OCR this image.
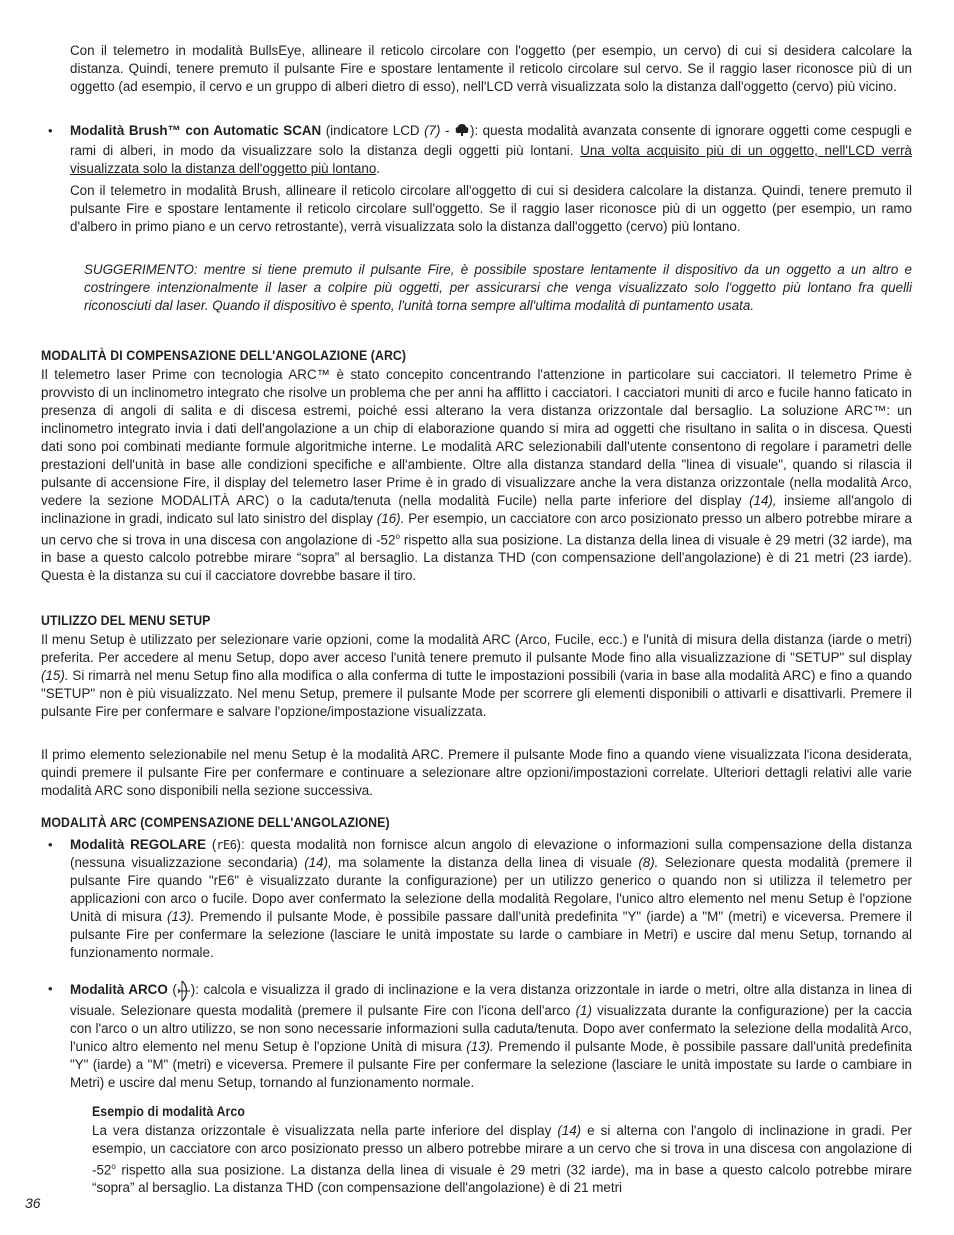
Con il telemetro in modalità BullsEye, allineare il reticolo circolare con l'oggetto (per esempio, un cervo) di cui si desidera calcolare la distanza. Quindi, tenere premuto il pulsante Fire e spostare lentamente il reticolo circolare sul cervo. Se il raggio laser riconosce più di un oggetto (ad esempio, il cervo e un gruppo di alberi dietro di esso), nell'LCD verrà visualizzata solo la distanza dall'oggetto (cervo) più vicino.

• Modalità Brush™ con Automatic SCAN (indicatore LCD (7) - ): questa modalità avanzata consente di ignorare oggetti come cespugli e rami di alberi, in modo da visualizzare solo la distanza degli oggetti più lontani. Una volta acquisito più di un oggetto, nell'LCD verrà visualizzata solo la distanza dell'oggetto più lontano.

Con il telemetro in modalità Brush, allineare il reticolo circolare all'oggetto di cui si desidera calcolare la distanza. Quindi, tenere premuto il pulsante Fire e spostare lentamente il reticolo circolare sull'oggetto. Se il raggio laser riconosce più di un oggetto (per esempio, un ramo d'albero in primo piano e un cervo retrostante), verrà visualizzata solo la distanza dall'oggetto (cervo) più lontano.

SUGGERIMENTO: mentre si tiene premuto il pulsante Fire, è possibile spostare lentamente il dispositivo da un oggetto a un altro e costringere intenzionalmente il laser a colpire più oggetti, per assicurarsi che venga visualizzato solo l'oggetto più lontano fra quelli riconosciuti dal laser. Quando il dispositivo è spento, l'unità torna sempre all'ultima modalità di puntamento usata.

MODALITÀ DI COMPENSAZIONE DELL'ANGOLAZIONE (ARC)

Il telemetro laser Prime con tecnologia ARC™ è stato concepito concentrando l'attenzione in particolare sui cacciatori. Il telemetro Prime è provvisto di un inclinometro integrato che risolve un problema che per anni ha afflitto i cacciatori. I cacciatori muniti di arco e fucile hanno faticato in presenza di angoli di salita e di discesa estremi, poiché essi alterano la vera distanza orizzontale dal bersaglio. La soluzione ARC™: un inclinometro integrato invia i dati dell'angolazione a un chip di elaborazione quando si mira ad oggetti che risultano in salita o in discesa. Questi dati sono poi combinati mediante formule algoritmiche interne. Le modalità ARC selezionabili dall'utente consentono di regolare i parametri delle prestazioni dell'unità in base alle condizioni specifiche e all'ambiente. Oltre alla distanza standard della "linea di visuale", quando si rilascia il pulsante di accensione Fire, il display del telemetro laser Prime è in grado di visualizzare anche la vera distanza orizzontale (nella modalità Arco, vedere la sezione MODALITÀ ARC) o la caduta/tenuta (nella modalità Fucile) nella parte inferiore del display (14), insieme all'angolo di inclinazione in gradi, indicato sul lato sinistro del display (16). Per esempio, un cacciatore con arco posizionato presso un albero potrebbe mirare a un cervo che si trova in una discesa con angolazione di -52$^o$ rispetto alla sua posizione. La distanza della linea di visuale è 29 metri (32 iarde), ma in base a questo calcolo potrebbe mirare “sopra” al bersaglio. La distanza THD (con compensazione dell'angolazione) è di 21 metri (23 iarde). Questa è la distanza su cui il cacciatore dovrebbe basare il tiro.

UTILIZZO DEL MENU SETUP

Il menu Setup è utilizzato per selezionare varie opzioni, come la modalità ARC (Arco, Fucile, ecc.) e l'unità di misura della distanza (iarde o metri) preferita. Per accedere al menu Setup, dopo aver acceso l'unità tenere premuto il pulsante Mode fino alla visualizzazione di "SETUP" sul display (15). Si rimarrà nel menu Setup fino alla modifica o alla conferma di tutte le impostazioni possibili (varia in base alla modalità ARC) e fino a quando "SETUP" non è più visualizzato. Nel menu Setup, premere il pulsante Mode per scorrere gli elementi disponibili o attivarli e disattivarli. Premere il pulsante Fire per confermare e salvare l'opzione/impostazione visualizzata.

Il primo elemento selezionabile nel menu Setup è la modalità ARC. Premere il pulsante Mode fino a quando viene visualizzata l'icona desiderata, quindi premere il pulsante Fire per confermare e continuare a selezionare altre opzioni/impostazioni correlate. Ulteriori dettagli relativi alle varie modalità ARC sono disponibili nella sezione successiva.

MODALITÀ ARC (COMPENSAZIONE DELL'ANGOLAZIONE)
• Modalità REGOLARE (rE6): questa modalità non fornisce alcun angolo di elevazione o informazioni sulla compensazione della distanza (nessuna visualizzazione secondaria) (14), ma solamente la distanza della linea di visuale (8). Selezionare questa modalità (premere il pulsante Fire quando "rE6" è visualizzato durante la configurazione) per un utilizzo generico o quando non si utilizza il telemetro per applicazioni con arco o fucile. Dopo aver confermato la selezione della modalità Regolare, l'unico altro elemento nel menu Setup è l'opzione Unità di misura (13). Premendo il pulsante Mode, è possibile passare dall'unità predefinita "Y" (iarde) a "M" (metri) e viceversa. Premere il pulsante Fire per confermare la selezione (lasciare le unità impostate su Iarde o cambiare in Metri) e uscire dal menu Setup, tornando al funzionamento normale.

• Modalità ARCO ( ): calcola e visualizza il grado di inclinazione e la vera distanza orizzontale in iarde o metri, oltre alla distanza in linea di visuale. Selezionare questa modalità (premere il pulsante Fire con l'icona dell'arco (1) visualizzata durante la configurazione) per la caccia con l'arco o un altro utilizzo, se non sono necessarie informazioni sulla caduta/tenuta. Dopo aver confermato la selezione della modalità Arco, l'unico altro elemento nel menu Setup è l'opzione Unità di misura (13). Premendo il pulsante Mode, è possibile passare dall'unità predefinita "Y" (iarde) a "M" (metri) e viceversa. Premere il pulsante Fire per confermare la selezione (lasciare le unità impostate su Iarde o cambiare in Metri) e uscire dal menu Setup, tornando al funzionamento normale.

Esempio di modalità Arco

La vera distanza orizzontale è visualizzata nella parte inferiore del display (14) e si alterna con l'angolo di inclinazione in gradi. Per esempio, un cacciatore con arco posizionato presso un albero potrebbe mirare a un cervo che si trova in una discesa con angolazione di -52$^o$ rispetto alla sua posizione. La distanza della linea di visuale è 29 metri (32 iarde), ma in base a questo calcolo potrebbe mirare “sopra” al bersaglio. La distanza THD (con compensazione dell'angolazione) è di 21 metri

36
